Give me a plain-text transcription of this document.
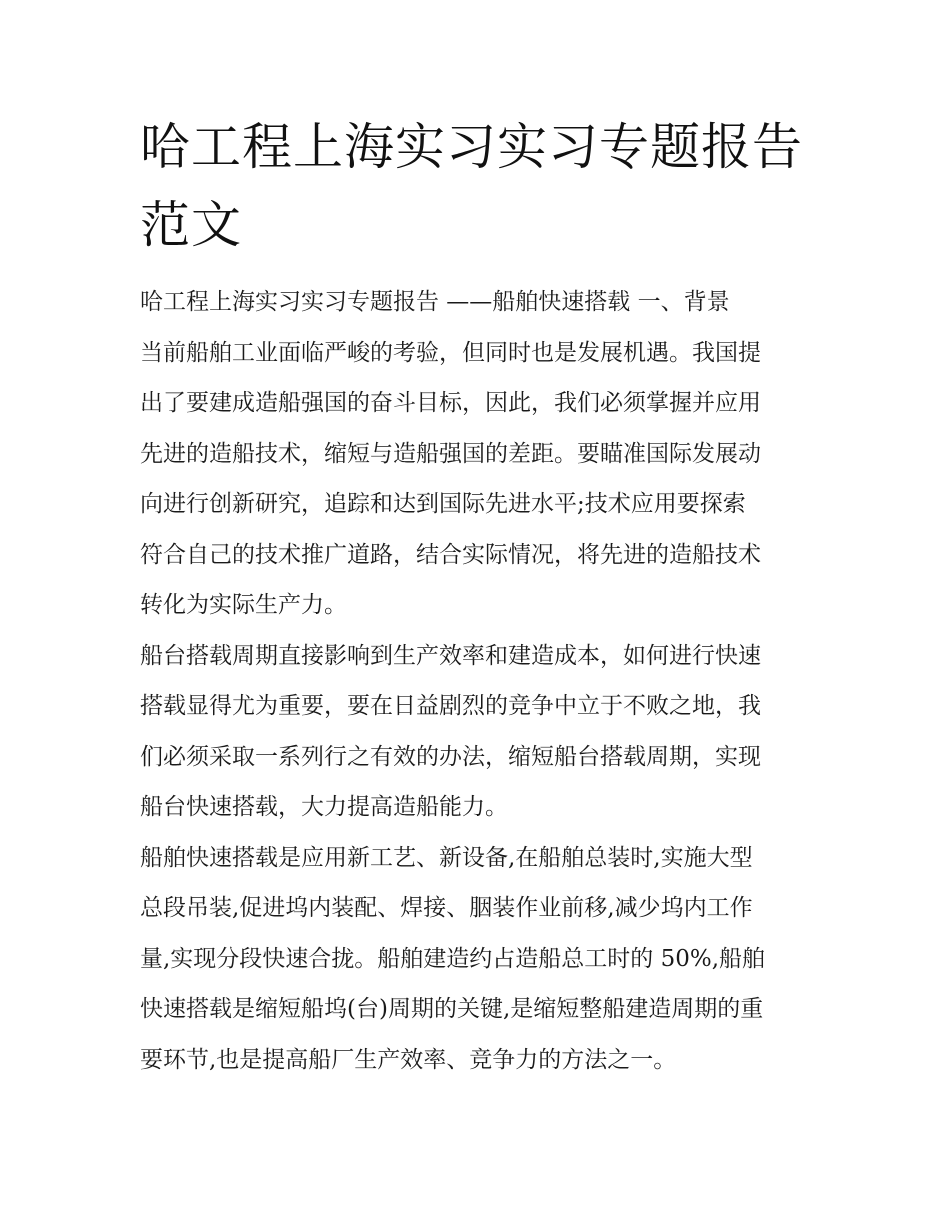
哈工程上海实习实习专题报告
范文
哈工程上海实习实习专题报告 ——船舶快速搭载 一、背景
当前船舶工业面临严峻的考验，但同时也是发展机遇。我国提
出了要建成造船强国的奋斗目标，因此，我们必须掌握并应用
先进的造船技术，缩短与造船强国的差距。要瞄准国际发展动
向进行创新研究，追踪和达到国际先进水平;技术应用要探索
符合自己的技术推广道路，结合实际情况，将先进的造船技术
转化为实际生产力。
船台搭载周期直接影响到生产效率和建造成本，如何进行快速
搭载显得尤为重要，要在日益剧烈的竞争中立于不败之地，我
们必须采取一系列行之有效的办法，缩短船台搭载周期，实现
船台快速搭载，大力提高造船能力。
船舶快速搭载是应用新工艺、新设备,在船舶总装时,实施大型
总段吊装,促进坞内装配、焊接、胭装作业前移,减少坞内工作
量,实现分段快速合拢。船舶建造约占造船总工时的 50%,船舶
快速搭载是缩短船坞(台)周期的关键,是缩短整船建造周期的重
要环节,也是提高船厂生产效率、竞争力的方法之一。
